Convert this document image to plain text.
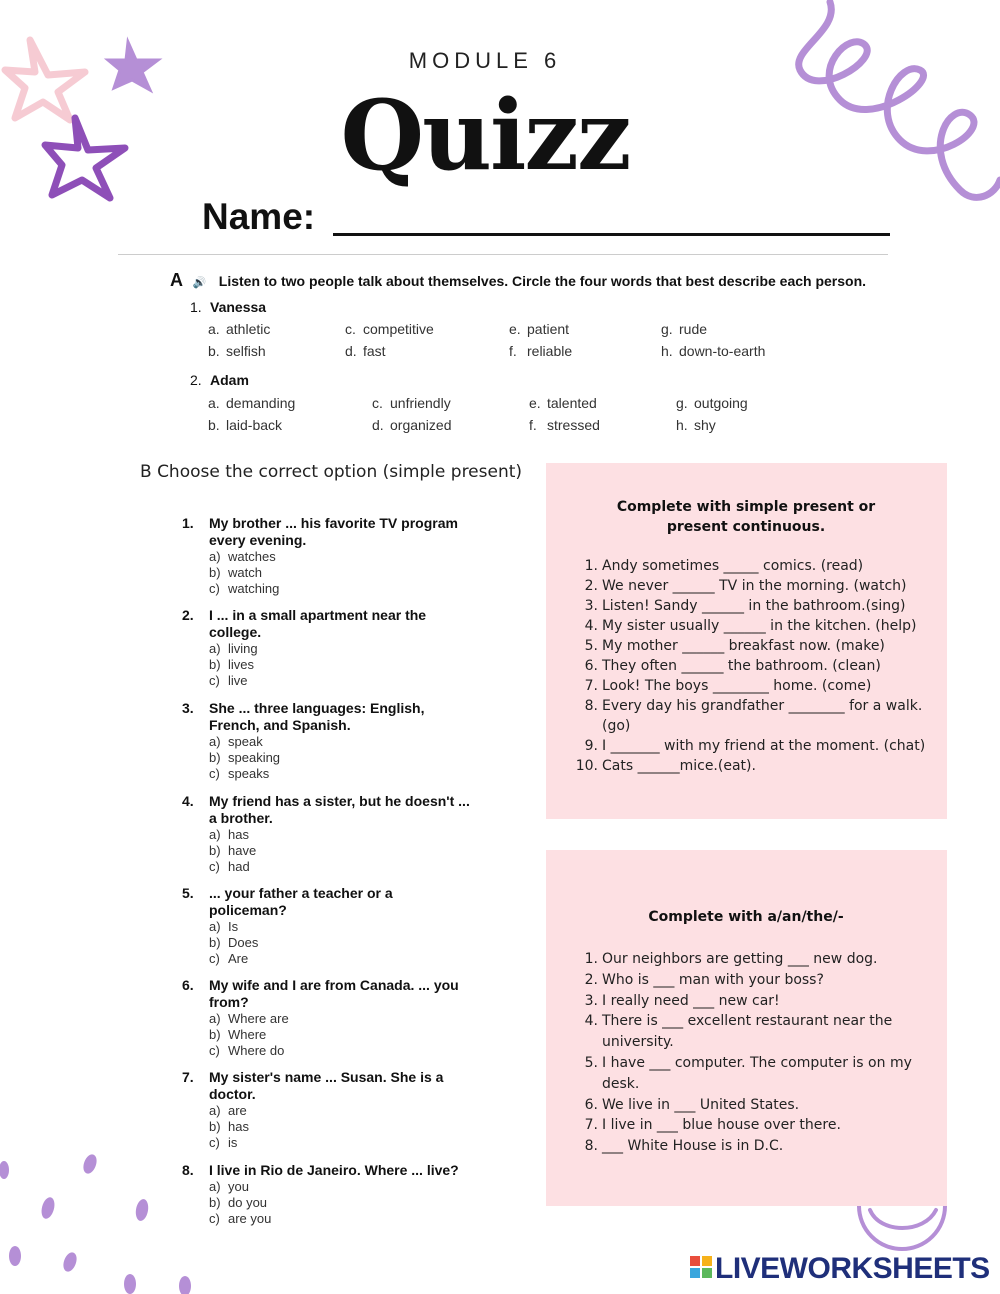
MODULE 6
Quizz
Name:
A 🔊 Listen to two people talk about themselves. Circle the four words that best describe each person.
1. Vanessa
a. athletic	c. competitive	e. patient	g. rude
b. selfish	d. fast	f. reliable	h. down-to-earth
2. Adam
a. demanding	c. unfriendly	e. talented	g. outgoing
b. laid-back	d. organized	f. stressed	h. shy
B Choose the correct option (simple present)
1.	My brother ... his favorite TV program every evening.
a) watches
b) watch
c) watching
2.	I ... in a small apartment near the college.
a) living
b) lives
c) live
3.	She ... three languages: English, French, and Spanish.
a) speak
b) speaking
c) speaks
4.	My friend has a sister, but he doesn't ... a brother.
a) has
b) have
c) had
5.	... your father a teacher or a policeman?
a) Is
b) Does
c) Are
6.	My wife and I are from Canada. ... you from?
a) Where are
b) Where
c) Where do
7.	My sister's name ... Susan. She is a doctor.
a) are
b) has
c) is
8.	I live in Rio de Janeiro. Where ... live?
a) you
b) do you
c) are you
Complete with simple present or present continuous.
1. Andy sometimes _____ comics. (read)
2. We never ______ TV in the morning. (watch)
3. Listen! Sandy ______ in the bathroom.(sing)
4. My sister usually ______ in the kitchen. (help)
5. My mother ______ breakfast now. (make)
6. They often ______ the bathroom. (clean)
7. Look! The boys ________ home. (come)
8. Every day his grandfather ________ for a walk. (go)
9. I _______ with my friend at the moment. (chat)
10. Cats ______mice.(eat).
Complete with a/an/the/-
1. Our neighbors are getting ___ new dog.
2. Who is ___ man with your boss?
3. I really need ___ new car!
4. There is ___ excellent restaurant near the university.
5. I have ___ computer. The computer is on my desk.
6. We live in ___ United States.
7. I live in ___ blue house over there.
8. ___ White House is in D.C.
LIVEWORKSHEETS
